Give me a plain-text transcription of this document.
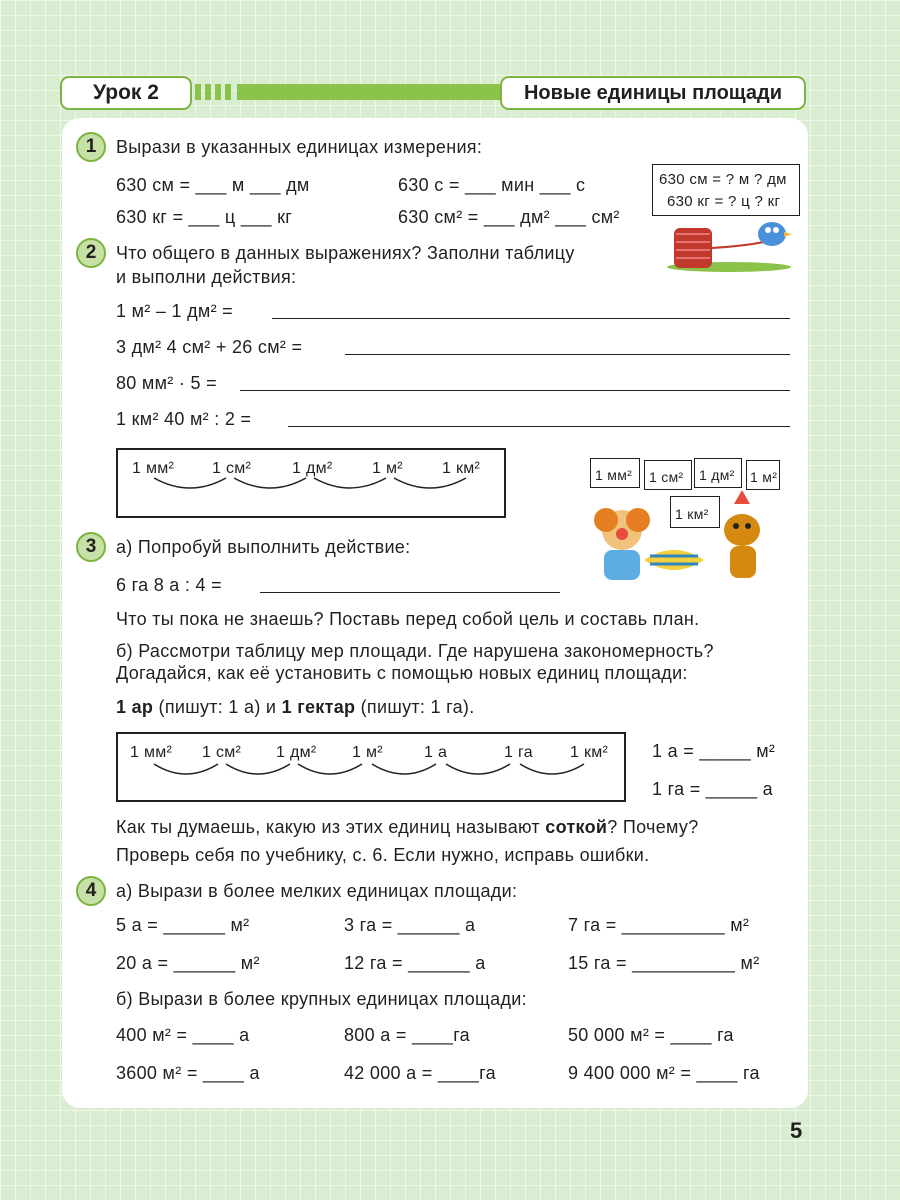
Урок 2	Новые единицы площади
1	Вырази в указанных единицах измерения:
630 см = ___ м ___ дм	630 с = ___ мин ___ с
630 кг = ___ ц ___ кг	630 см² = ___ дм² ___ см²
630 см = ? м ? дм
630 кг = ? ц ? кг
2	Что общего в данных выражениях? Заполни таблицу
и выполни действия:
1 м² – 1 дм² =
3 дм² 4 см² + 26 см² =
80 мм² · 5 =
1 км² 40 м² : 2 =
1 мм² 1 см²	1 дм² 1 м² 1 км²	1 мм² 1 см² 1 дм² 1 м²
1 км²
3	а) Попробуй выполнить действие:
6 га 8 а : 4 =
Что ты пока не знаешь? Поставь перед собой цель и составь план.
б) Рассмотри таблицу мер площади. Где нарушена закономерность?
Догадайся, как её установить с помощью новых единиц площади:
1 ар (пишут: 1 а) и 1 гектар (пишут: 1 га).
1 мм² 1 см² 1 дм² 1 м²	1 а	1 га 1 км² 1 а = _____ м²
1 га = _____ а
Как ты думаешь, какую из этих единиц называют соткой? Почему?
Проверь себя по учебнику, с. 6. Если нужно, исправь ошибки.
4	а) Вырази в более мелких единицах площади:
5 а = ______ м²	3 га = ______ а	7 га = __________ м²
20 а = ______ м²	12 га = ______ а	15 га = __________ м²
б) Вырази в более крупных единицах площади:
400 м² = ____ а	800 а = ____га	50 000 м² = ____ га
3600 м² = ____ а	42 000 а = ____га	9 400 000 м² = ____ га
5
